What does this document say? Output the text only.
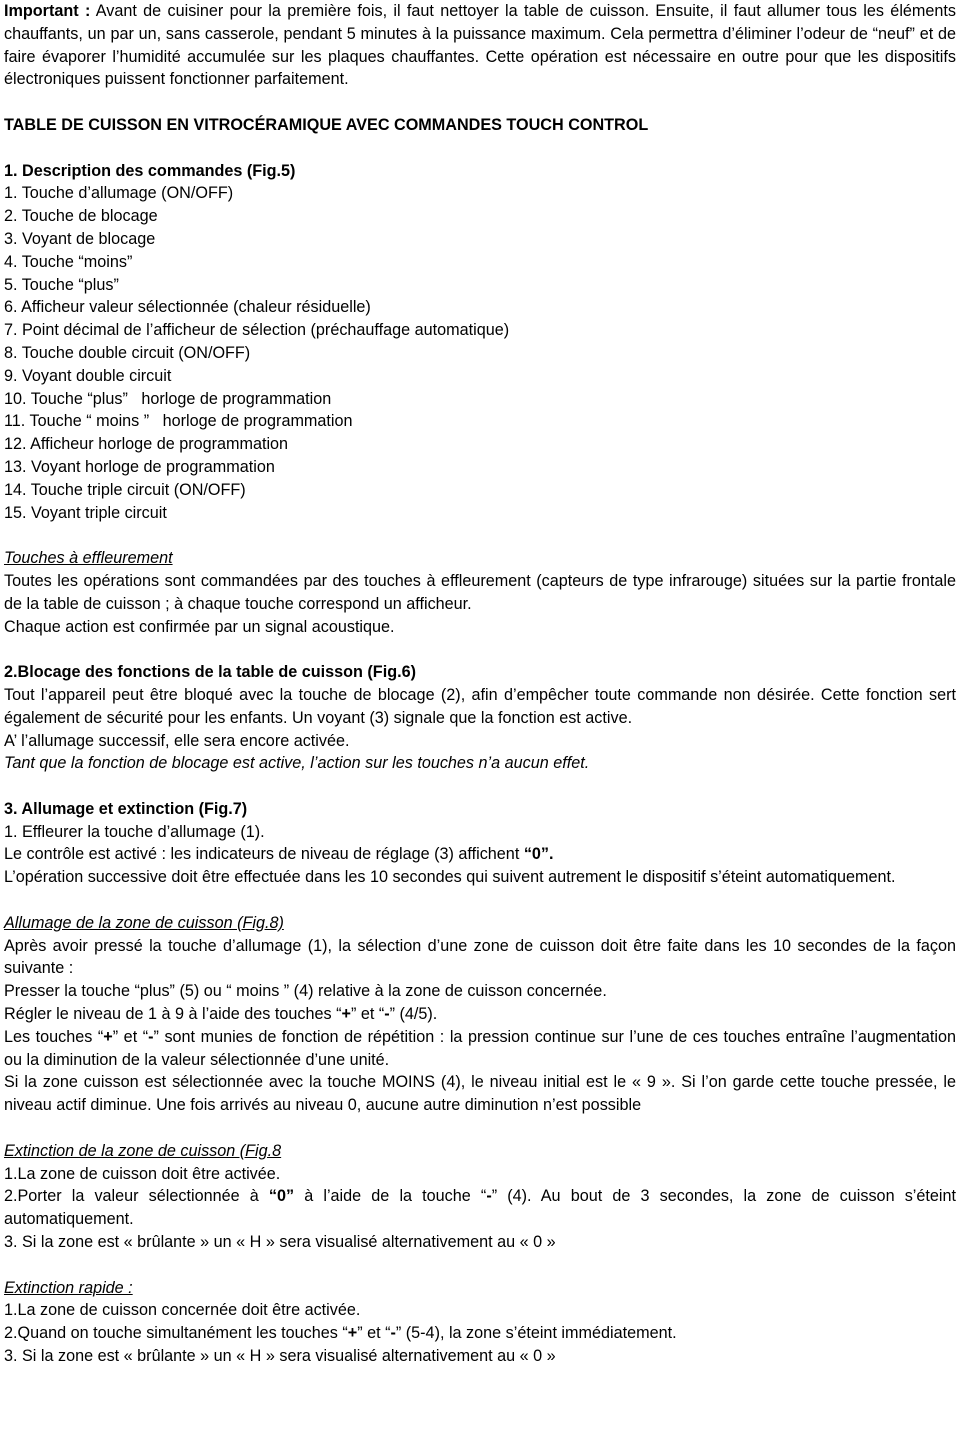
Important : Avant de cuisiner pour la première fois, il faut nettoyer la table de cuisson. Ensuite, il faut allumer tous les éléments chauffants, un par un, sans casserole, pendant 5 minutes à la puissance maximum. Cela permettra d’éliminer l’odeur de “neuf” et de faire évaporer l’humidité accumulée sur les plaques chauffantes. Cette opération est nécessaire en outre pour que les dispositifs électroniques puissent fonctionner parfaitement.

TABLE DE CUISSON EN VITROCÉRAMIQUE AVEC COMMANDES TOUCH CONTROL

1. Description des commandes (Fig.5)

1. Touche d’allumage (ON/OFF)
2. Touche de blocage
3. Voyant de blocage
4. Touche “moins”
5. Touche “plus”
6. Afficheur valeur sélectionnée (chaleur résiduelle)
7. Point décimal de l’afficheur de sélection (préchauffage automatique)
8. Touche double circuit (ON/OFF)
9. Voyant double circuit
10. Touche “plus”   horloge de programmation
11. Touche “ moins ”   horloge de programmation
12. Afficheur horloge de programmation
13. Voyant horloge de programmation
14. Touche triple circuit (ON/OFF)
15. Voyant triple circuit

Touches à effleurement

Toutes les opérations sont commandées par des touches à effleurement (capteurs de type infrarouge) situées sur la partie frontale de la table de cuisson ; à chaque touche correspond un afficheur.

Chaque action est confirmée par un signal acoustique.

2.Blocage des fonctions de la table de cuisson (Fig.6)

Tout l’appareil peut être bloqué avec la touche de blocage (2), afin d’empêcher toute commande non désirée. Cette fonction sert également de sécurité pour les enfants. Un voyant (3) signale que la fonction est active.

A’ l’allumage successif, elle sera encore activée.

Tant que la fonction de blocage est active, l’action sur les touches n’a aucun effet.

3. Allumage et extinction (Fig.7)

1. Effleurer la touche d’allumage (1).

Le contrôle est activé : les indicateurs de niveau de réglage (3) affichent “0”.

L’opération successive doit être effectuée dans les 10 secondes qui suivent autrement le dispositif s’éteint automatiquement.

Allumage de la zone de cuisson (Fig.8)

Après avoir pressé la touche d’allumage (1), la sélection d’une zone de cuisson doit être faite dans les 10 secondes de la façon suivante :

Presser la touche “plus” (5) ou “ moins ” (4) relative à la zone de cuisson concernée.

Régler le niveau de 1 à 9 à l’aide des touches “+” et “-” (4/5).

Les touches “+” et “-” sont munies de fonction de répétition : la pression continue sur l’une de ces touches entraîne l’augmentation ou la diminution de la valeur sélectionnée d’une unité.

Si la zone cuisson est sélectionnée avec la touche MOINS (4), le niveau initial est le « 9 ». Si l’on garde cette touche pressée, le niveau actif diminue. Une fois arrivés au niveau 0, aucune autre diminution n’est possible

Extinction de la zone de cuisson (Fig.8

1.La zone de cuisson doit être activée.

2.Porter la valeur sélectionnée à “0” à l’aide de la touche “-” (4). Au bout de 3 secondes, la zone de cuisson s’éteint automatiquement.

3. Si la zone est « brûlante » un « H » sera visualisé alternativement au « 0 »

Extinction rapide :

1.La zone de cuisson concernée doit être activée.

2.Quand on touche simultanément les touches “+” et “-” (5-4), la zone s’éteint immédiatement.

3. Si la zone est « brûlante » un « H » sera visualisé alternativement au « 0 »
